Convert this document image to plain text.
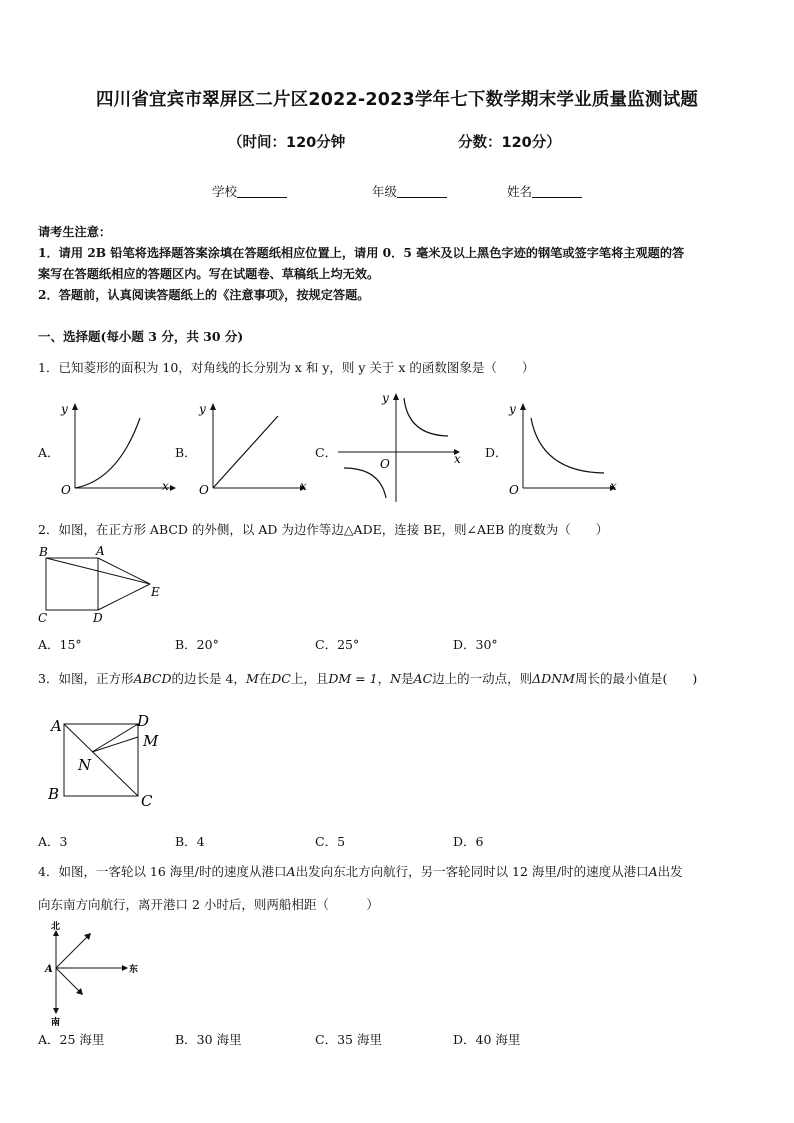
四川省宜宾市翠屏区二片区2022-2023学年七下数学期末学业质量监测试题
（时间：120分钟	分数：120分）
学校	年级	姓名
请考生注意：
1．请用 2B 铅笔将选择题答案涂填在答题纸相应位置上，请用 0．5 毫米及以上黑色字迹的钢笔或签字笔将主观题的答
案写在答题纸相应的答题区内。写在试题卷、草稿纸上均无效。
2．答题前，认真阅读答题纸上的《注意事项》，按规定答题。
一、选择题(每小题 3 分，共 30 分)
1．已知菱形的面积为 10，对角线的长分别为 x 和 y，则 y 关于 x 的函数图象是（　　）
A．
y
x
O
B．
y
x
O
C．
y
x
O
D．
y
x
O
2．如图，在正方形 ABCD 的外侧，以 AD 为边作等边△ADE，连接 BE，则∠AEB 的度数为（　　）
B	A
E
C	D
A．15°	B．20°	C．25°	D．30°
3．如图，正方形ABCD的边长是 4，M在DC上，且DM = 1，N是AC边上的一动点，则ΔDNM周长的最小值是(　　)
A	D
M
N
B	C
A．3	B．4	C．5	D．6
4．如图，一客轮以 16 海里/时的速度从港口A出发向东北方向航行，另一客轮同时以 12 海里/时的速度从港口A出发
向东南方向航行，离开港口 2 小时后，则两船相距（　　　）
北
南
东
A
A．25 海里	B．30 海里	C．35 海里	D．40 海里
